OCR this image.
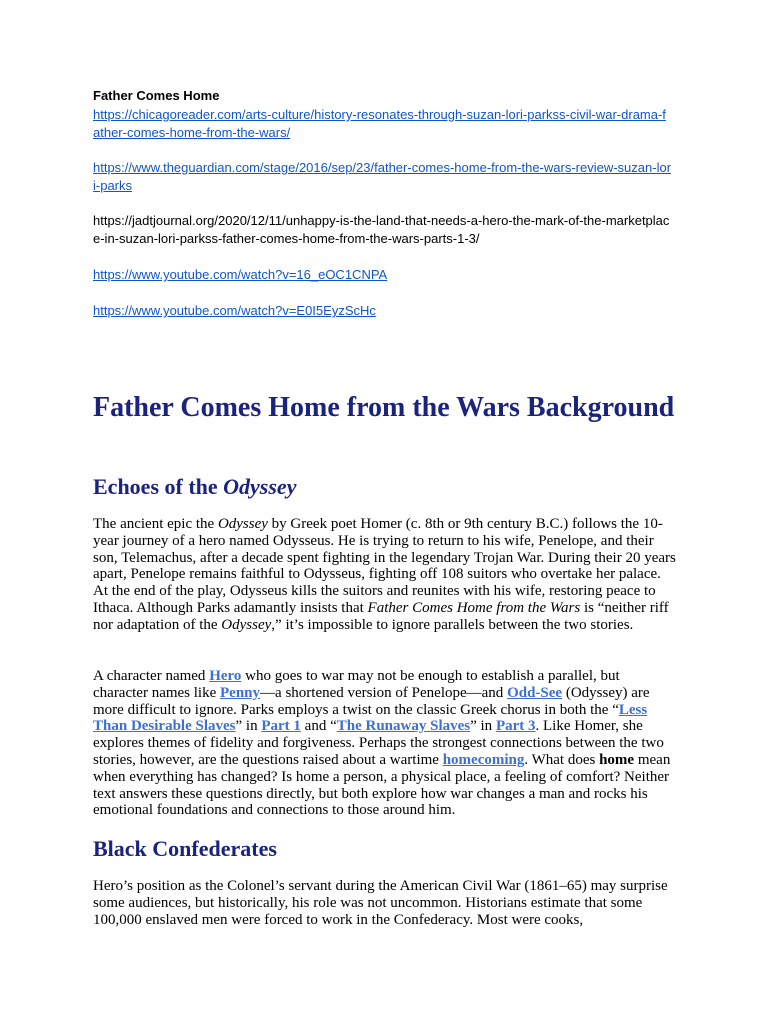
Father Comes Home
https://chicagoreader.com/arts-culture/history-resonates-through-suzan-lori-parkss-civil-war-drama-father-comes-home-from-the-wars/
https://www.theguardian.com/stage/2016/sep/23/father-comes-home-from-the-wars-review-suzan-lori-parks
https://jadtjournal.org/2020/12/11/unhappy-is-the-land-that-needs-a-hero-the-mark-of-the-marketplace-in-suzan-lori-parkss-father-comes-home-from-the-wars-parts-1-3/
https://www.youtube.com/watch?v=16_eOC1CNPA
https://www.youtube.com/watch?v=E0I5EyzScHc
Father Comes Home from the Wars Background
Echoes of the Odyssey

The ancient epic the Odyssey by Greek poet Homer (c. 8th or 9th century B.C.) follows the 10-year journey of a hero named Odysseus. He is trying to return to his wife, Penelope, and their son, Telemachus, after a decade spent fighting in the legendary Trojan War. During their 20 years apart, Penelope remains faithful to Odysseus, fighting off 108 suitors who overtake her palace. At the end of the play, Odysseus kills the suitors and reunites with his wife, restoring peace to Ithaca. Although Parks adamantly insists that Father Comes Home from the Wars is “neither riff nor adaptation of the Odyssey,” it’s impossible to ignore parallels between the two stories.

A character named Hero who goes to war may not be enough to establish a parallel, but character names like Penny—a shortened version of Penelope—and Odd-See (Odyssey) are more difficult to ignore. Parks employs a twist on the classic Greek chorus in both the “Less Than Desirable Slaves” in Part 1 and “The Runaway Slaves” in Part 3. Like Homer, she explores themes of fidelity and forgiveness. Perhaps the strongest connections between the two stories, however, are the questions raised about a wartime homecoming. What does home mean when everything has changed? Is home a person, a physical place, a feeling of comfort? Neither text answers these questions directly, but both explore how war changes a man and rocks his emotional foundations and connections to those around him.

Black Confederates

Hero’s position as the Colonel’s servant during the American Civil War (1861–65) may surprise some audiences, but historically, his role was not uncommon. Historians estimate that some 100,000 enslaved men were forced to work in the Confederacy. Most were cooks,
